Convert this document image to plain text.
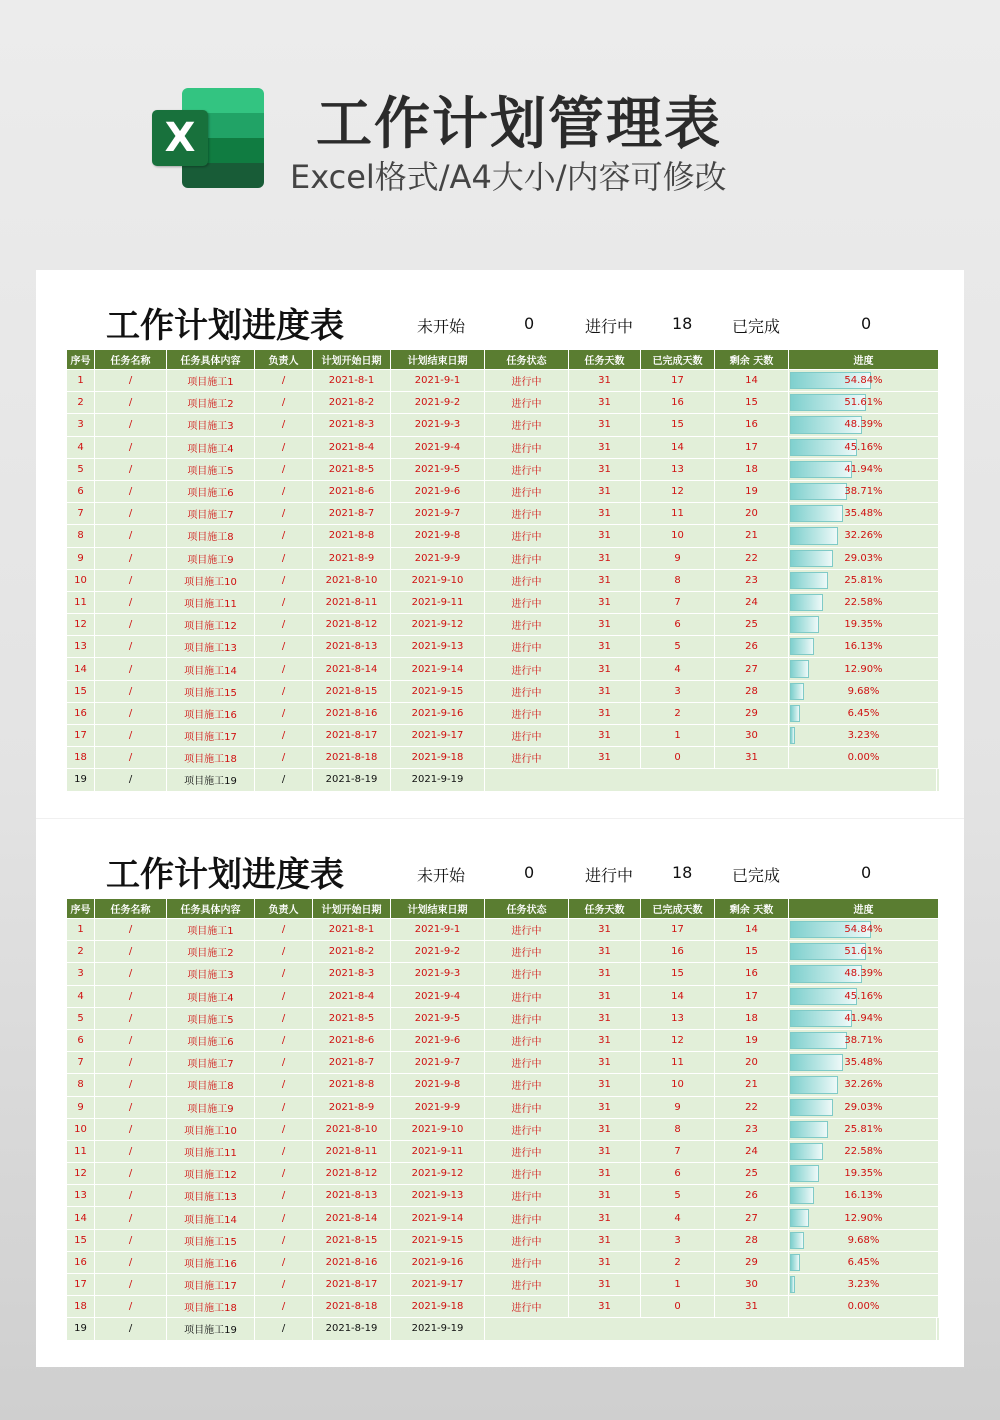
X 工作计划管理表
Excel格式/A4大小/内容可修改
工作计划进度表	未开始	0	进行中 18 已完成	0
序号	任务名称	任务具体内容	负责人	计划开始日期	计划结束日期	任务状态	任务天数	已完成天数	剩余 天数	进度
1	/	项目施工1	/	2021-8-1	2021-9-1	进行中	31	17	14	54.84%
2	/	项目施工2	/	2021-8-2	2021-9-2	进行中	31	16	15	51.61%
3	/	项目施工3	/	2021-8-3	2021-9-3	进行中	31	15	16	48.39%
4	/	项目施工4	/	2021-8-4	2021-9-4	进行中	31	14	17	45.16%
5	/	项目施工5	/	2021-8-5	2021-9-5	进行中	31	13	18	41.94%
6	/	项目施工6	/	2021-8-6	2021-9-6	进行中	31	12	19	38.71%
7	/	项目施工7	/	2021-8-7	2021-9-7	进行中	31	11	20	35.48%
8	/	项目施工8	/	2021-8-8	2021-9-8	进行中	31	10	21	32.26%
9	/	项目施工9	/	2021-8-9	2021-9-9	进行中	31	9	22	29.03%
10	/	项目施工10	/	2021-8-10	2021-9-10	进行中	31	8	23	25.81%
11	/	项目施工11	/	2021-8-11	2021-9-11	进行中	31	7	24	22.58%
12	/	项目施工12	/	2021-8-12	2021-9-12	进行中	31	6	25	19.35%
13	/	项目施工13	/	2021-8-13	2021-9-13	进行中	31	5	26	16.13%
14	/	项目施工14	/	2021-8-14	2021-9-14	进行中	31	4	27	12.90%
15	/	项目施工15	/	2021-8-15	2021-9-15	进行中	31	3	28	9.68%
16	/	项目施工16	/	2021-8-16	2021-9-16	进行中	31	2	29	6.45%
17	/	项目施工17	/	2021-8-17	2021-9-17	进行中	31	1	30	3.23%
18	/	项目施工18	/	2021-8-18	2021-9-18	进行中	31	0	31	0.00%
19	/	项目施工19	/	2021-8-19	2021-9-19
工作计划进度表	未开始	0	进行中 18 已完成	0
序号	任务名称	任务具体内容	负责人	计划开始日期	计划结束日期	任务状态	任务天数	已完成天数	剩余 天数	进度
1	/	项目施工1	/	2021-8-1	2021-9-1	进行中	31	17	14	54.84%
2	/	项目施工2	/	2021-8-2	2021-9-2	进行中	31	16	15	51.61%
3	/	项目施工3	/	2021-8-3	2021-9-3	进行中	31	15	16	48.39%
4	/	项目施工4	/	2021-8-4	2021-9-4	进行中	31	14	17	45.16%
5	/	项目施工5	/	2021-8-5	2021-9-5	进行中	31	13	18	41.94%
6	/	项目施工6	/	2021-8-6	2021-9-6	进行中	31	12	19	38.71%
7	/	项目施工7	/	2021-8-7	2021-9-7	进行中	31	11	20	35.48%
8	/	项目施工8	/	2021-8-8	2021-9-8	进行中	31	10	21	32.26%
9	/	项目施工9	/	2021-8-9	2021-9-9	进行中	31	9	22	29.03%
10	/	项目施工10	/	2021-8-10	2021-9-10	进行中	31	8	23	25.81%
11	/	项目施工11	/	2021-8-11	2021-9-11	进行中	31	7	24	22.58%
12	/	项目施工12	/	2021-8-12	2021-9-12	进行中	31	6	25	19.35%
13	/	项目施工13	/	2021-8-13	2021-9-13	进行中	31	5	26	16.13%
14	/	项目施工14	/	2021-8-14	2021-9-14	进行中	31	4	27	12.90%
15	/	项目施工15	/	2021-8-15	2021-9-15	进行中	31	3	28	9.68%
16	/	项目施工16	/	2021-8-16	2021-9-16	进行中	31	2	29	6.45%
17	/	项目施工17	/	2021-8-17	2021-9-17	进行中	31	1	30	3.23%
18	/	项目施工18	/	2021-8-18	2021-9-18	进行中	31	0	31	0.00%
19	/	项目施工19	/	2021-8-19	2021-9-19
